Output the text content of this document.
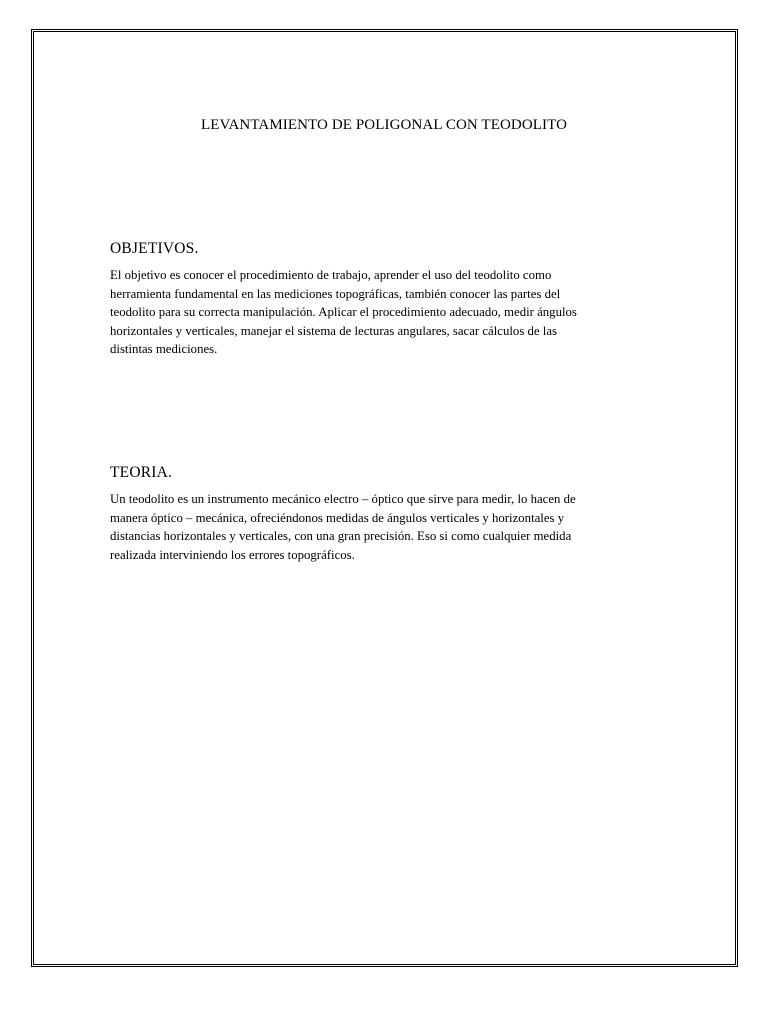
LEVANTAMIENTO DE POLIGONAL CON TEODOLITO
OBJETIVOS.

El objetivo es conocer el procedimiento de trabajo, aprender el uso del teodolito como
herramienta fundamental en las mediciones topográficas, también conocer las partes del
teodolito para su correcta manipulación. Aplicar el procedimiento adecuado, medir ángulos
horizontales y verticales, manejar el sistema de lecturas angulares, sacar cálculos de las
distintas mediciones.

TEORIA.

Un teodolito es un instrumento mecánico electro – óptico que sirve para medir, lo hacen de
manera óptico – mecánica, ofreciéndonos medidas de ángulos verticales y horizontales y
distancias horizontales y verticales, con una gran precisión. Eso si como cualquier medida
realizada interviniendo los errores topográficos.
